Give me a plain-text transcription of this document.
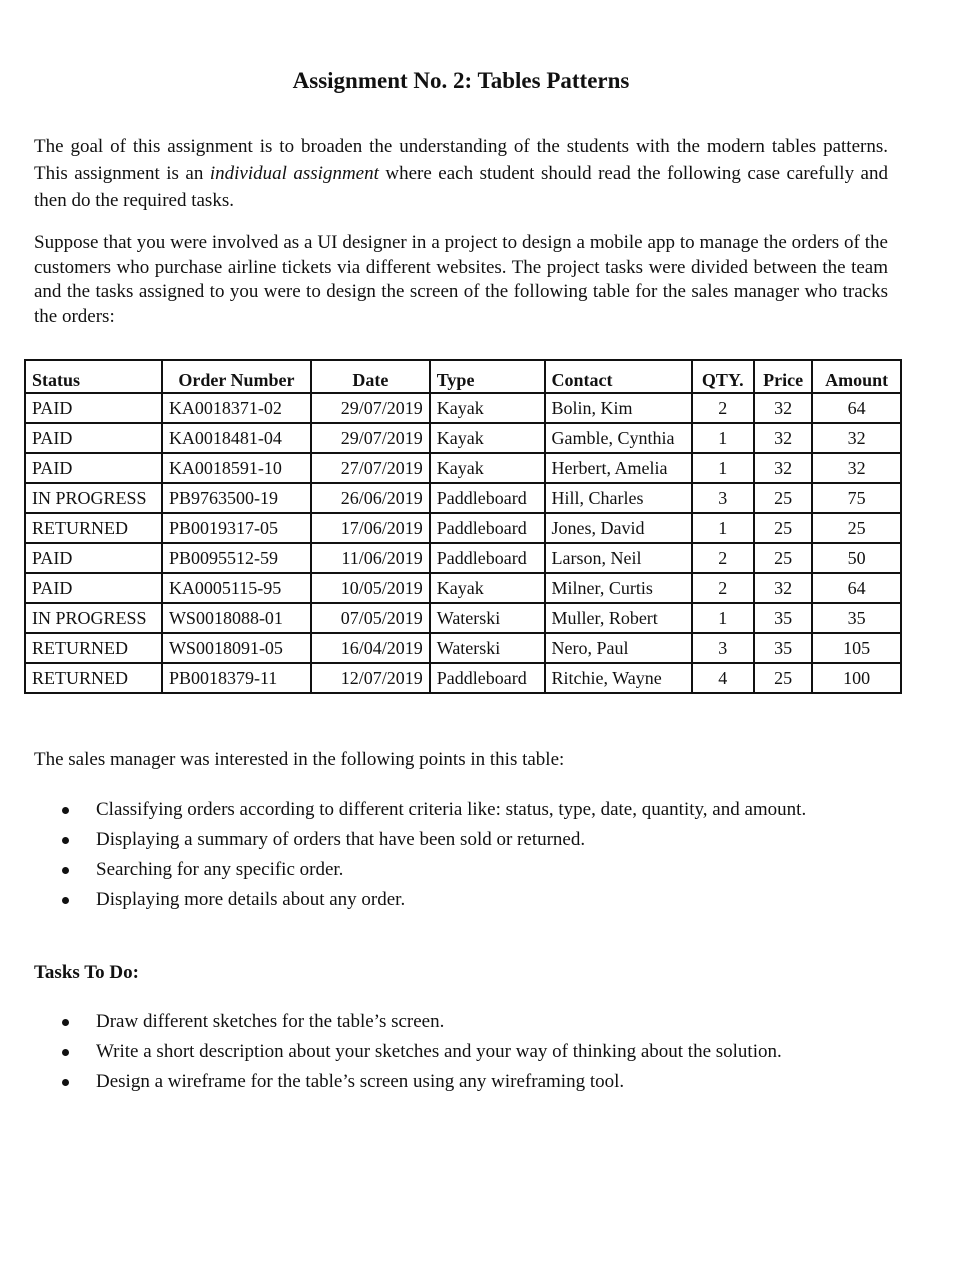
Assignment No. 2: Tables Patterns

The goal of this assignment is to broaden the understanding of the students with the modern tables patterns. This assignment is an individual assignment where each student should read the following case carefully and then do the required tasks.

Suppose that you were involved as a UI designer in a project to design a mobile app to manage the orders of the customers who purchase airline tickets via different websites. The project tasks were divided between the team and the tasks assigned to you were to design the screen of the following table for the sales manager who tracks the orders:

Status	Order Number	Date	Type	Contact	QTY.	Price	Amount
PAID	KA0018371-02	29/07/2019	Kayak	Bolin, Kim	2	32	64
PAID	KA0018481-04	29/07/2019	Kayak	Gamble, Cynthia	1	32	32
PAID	KA0018591-10	27/07/2019	Kayak	Herbert, Amelia	1	32	32
IN PROGRESS	PB9763500-19	26/06/2019	Paddleboard	Hill, Charles	3	25	75
RETURNED	PB0019317-05	17/06/2019	Paddleboard	Jones, David	1	25	25
PAID	PB0095512-59	11/06/2019	Paddleboard	Larson, Neil	2	25	50
PAID	KA0005115-95	10/05/2019	Kayak	Milner, Curtis	2	32	64
IN PROGRESS	WS0018088-01	07/05/2019	Waterski	Muller, Robert	1	35	35
RETURNED	WS0018091-05	16/04/2019	Waterski	Nero, Paul	3	35	105
RETURNED	PB0018379-11	12/07/2019	Paddleboard	Ritchie, Wayne	4	25	100

The sales manager was interested in the following points in this table:

Classifying orders according to different criteria like: status, type, date, quantity, and amount.
Displaying a summary of orders that have been sold or returned.
Searching for any specific order.
Displaying more details about any order.

Tasks To Do:

Draw different sketches for the table’s screen.
Write a short description about your sketches and your way of thinking about the solution.
Design a wireframe for the table’s screen using any wireframing tool.
